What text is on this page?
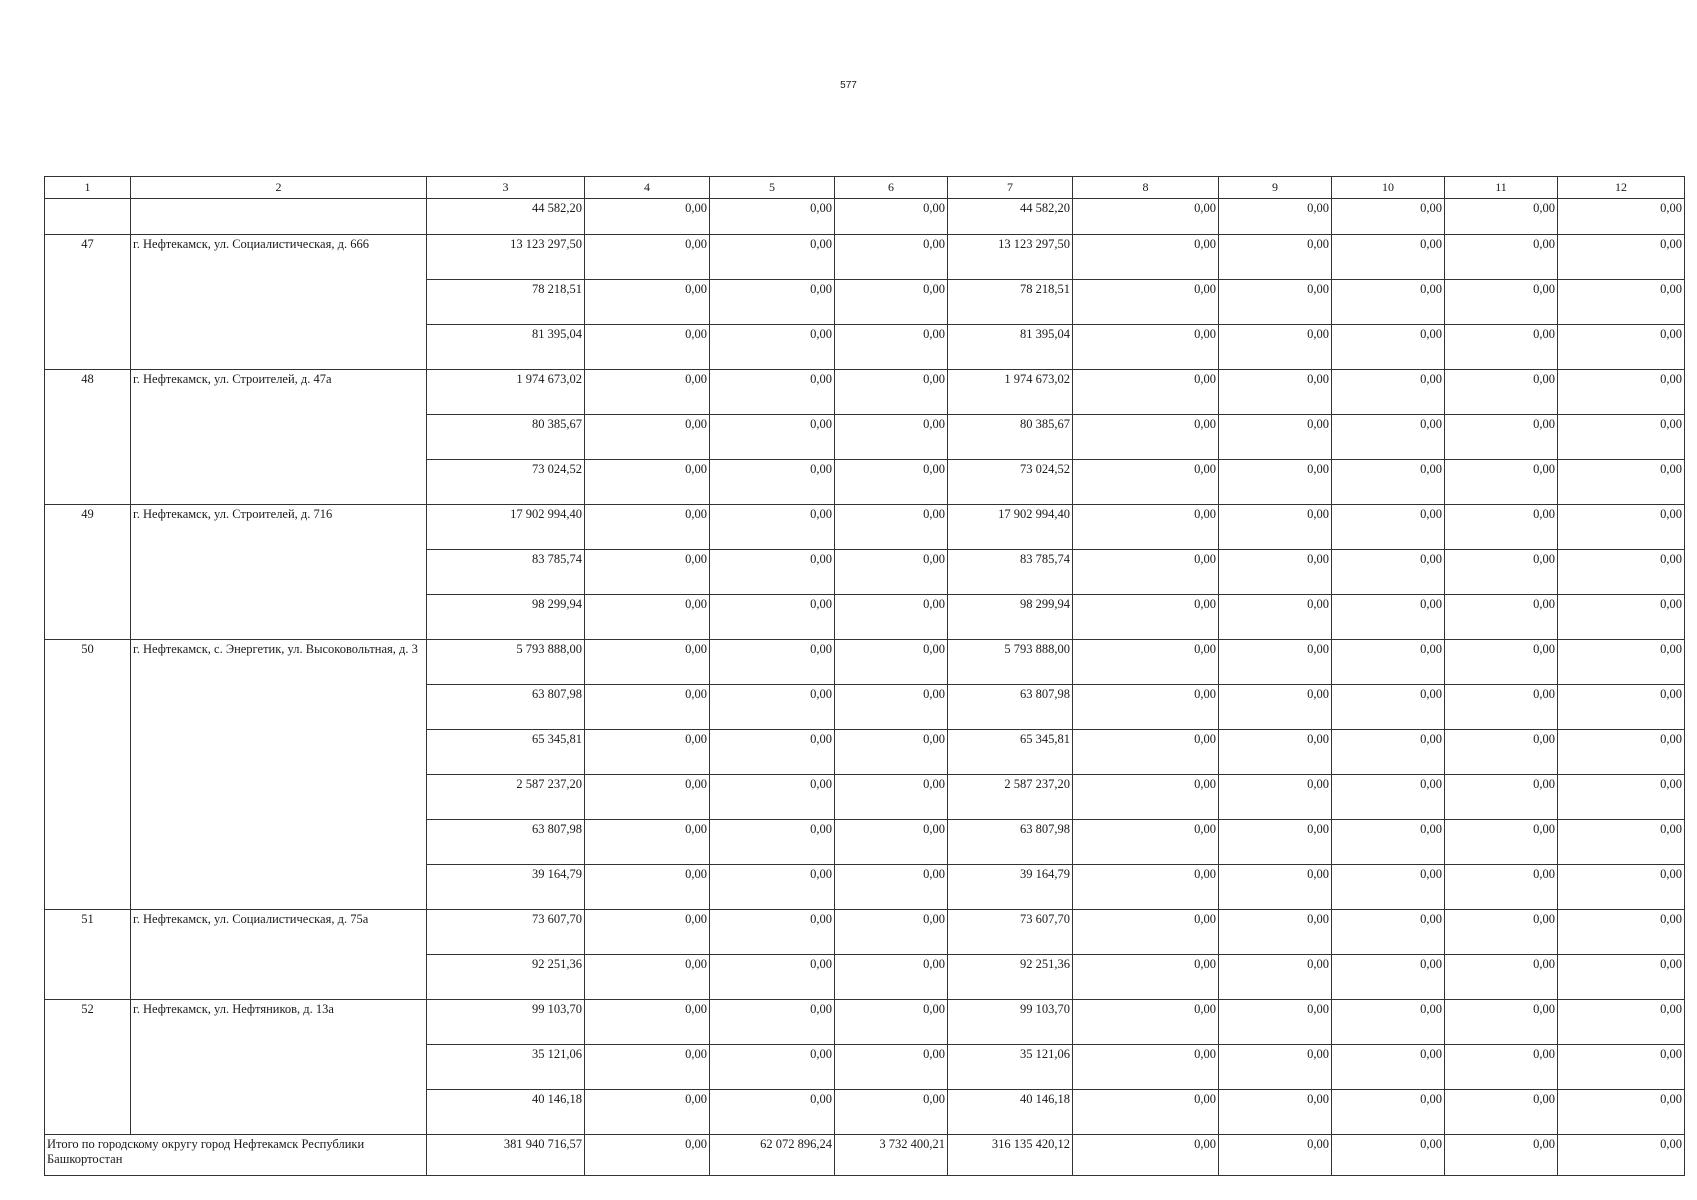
577
1	2	3	4	5	6	7	8	9	10	11	12
		44 582,20	0,00	0,00	0,00	44 582,20	0,00	0,00	0,00	0,00	0,00
47	г. Нефтекамск, ул. Социалистическая, д. 666	13 123 297,50	0,00	0,00	0,00	13 123 297,50	0,00	0,00	0,00	0,00	0,00
		78 218,51	0,00	0,00	0,00	78 218,51	0,00	0,00	0,00	0,00	0,00
		81 395,04	0,00	0,00	0,00	81 395,04	0,00	0,00	0,00	0,00	0,00
48	г. Нефтекамск, ул. Строителей, д. 47а	1 974 673,02	0,00	0,00	0,00	1 974 673,02	0,00	0,00	0,00	0,00	0,00
		80 385,67	0,00	0,00	0,00	80 385,67	0,00	0,00	0,00	0,00	0,00
		73 024,52	0,00	0,00	0,00	73 024,52	0,00	0,00	0,00	0,00	0,00
49	г. Нефтекамск, ул. Строителей, д. 716	17 902 994,40	0,00	0,00	0,00	17 902 994,40	0,00	0,00	0,00	0,00	0,00
		83 785,74	0,00	0,00	0,00	83 785,74	0,00	0,00	0,00	0,00	0,00
		98 299,94	0,00	0,00	0,00	98 299,94	0,00	0,00	0,00	0,00	0,00
50	г. Нефтекамск, с. Энергетик, ул. Высоковольтная, д. 3	5 793 888,00	0,00	0,00	0,00	5 793 888,00	0,00	0,00	0,00	0,00	0,00
		63 807,98	0,00	0,00	0,00	63 807,98	0,00	0,00	0,00	0,00	0,00
		65 345,81	0,00	0,00	0,00	65 345,81	0,00	0,00	0,00	0,00	0,00
		2 587 237,20	0,00	0,00	0,00	2 587 237,20	0,00	0,00	0,00	0,00	0,00
		63 807,98	0,00	0,00	0,00	63 807,98	0,00	0,00	0,00	0,00	0,00
		39 164,79	0,00	0,00	0,00	39 164,79	0,00	0,00	0,00	0,00	0,00
51	г. Нефтекамск, ул. Социалистическая, д. 75а	73 607,70	0,00	0,00	0,00	73 607,70	0,00	0,00	0,00	0,00	0,00
		92 251,36	0,00	0,00	0,00	92 251,36	0,00	0,00	0,00	0,00	0,00
52	г. Нефтекамск, ул. Нефтяников, д. 13а	99 103,70	0,00	0,00	0,00	99 103,70	0,00	0,00	0,00	0,00	0,00
		35 121,06	0,00	0,00	0,00	35 121,06	0,00	0,00	0,00	0,00	0,00
		40 146,18	0,00	0,00	0,00	40 146,18	0,00	0,00	0,00	0,00	0,00
Итого по городскому округу город Нефтекамск Республики Башкортостан		381 940 716,57	0,00	62 072 896,24	3 732 400,21	316 135 420,12	0,00	0,00	0,00	0,00	0,00
